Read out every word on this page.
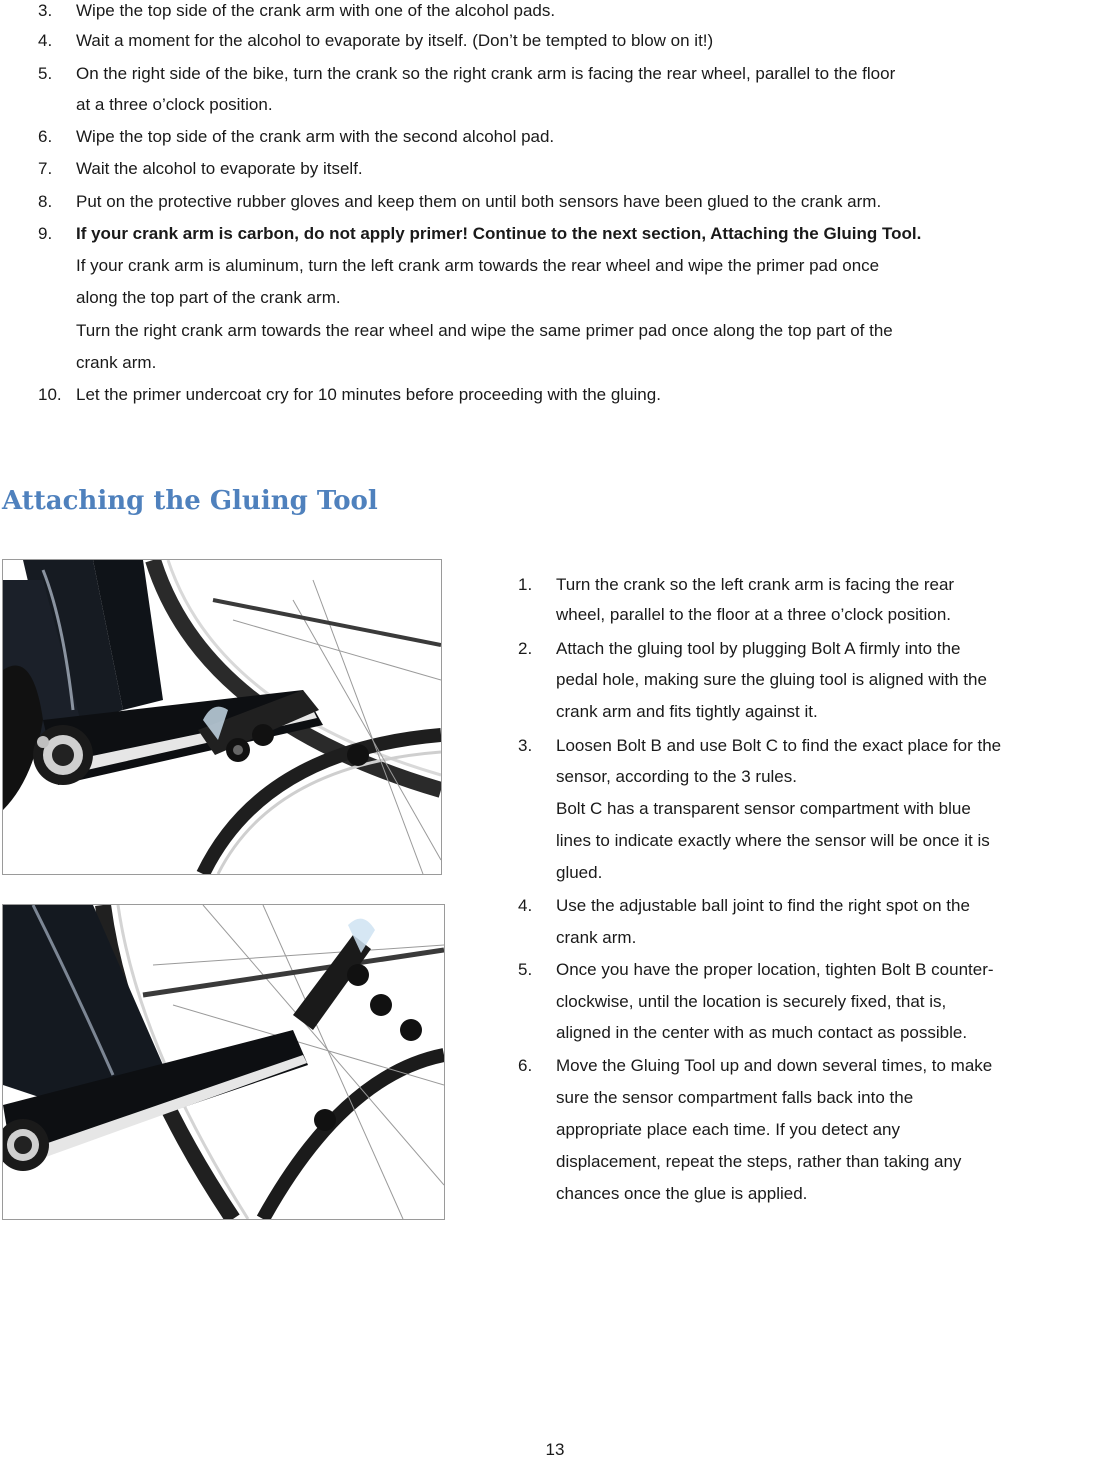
3.	Wipe the top side of the crank arm with one of the alcohol pads.
4.	Wait a moment for the alcohol to evaporate by itself. (Don’t be tempted to blow on it!)
5.	On the right side of the bike, turn the crank so the right crank arm is facing the rear wheel, parallel to the floor
at a three o’clock position.
6.	Wipe the top side of the crank arm with the second alcohol pad.
7.	Wait the alcohol to evaporate by itself.
8.	Put on the protective rubber gloves and keep them on until both sensors have been glued to the crank arm.
9.	If your crank arm is carbon, do not apply primer! Continue to the next section, Attaching the Gluing Tool.
If your crank arm is aluminum, turn the left crank arm towards the rear wheel and wipe the primer pad once
along the top part of the crank arm.
Turn the right crank arm towards the rear wheel and wipe the same primer pad once along the top part of the
crank arm.
10. Let the primer undercoat cry for 10 minutes before proceeding with the gluing.
Attaching the Gluing Tool
C
B
B
1.	Turn the crank so the left crank arm is facing the rear
wheel, parallel to the floor at a three o’clock position.
2.	Attach the gluing tool by plugging Bolt A firmly into the
pedal hole, making sure the gluing tool is aligned with the
crank arm and fits tightly against it.
3.	Loosen Bolt B and use Bolt C to find the exact place for the
sensor, according to the 3 rules.
Bolt C has a transparent sensor compartment with blue
lines to indicate exactly where the sensor will be once it is
glued.
4.	Use the adjustable ball joint to find the right spot on the
crank arm.
5.	Once you have the proper location, tighten Bolt B counter-
clockwise, until the location is securely fixed, that is,
aligned in the center with as much contact as possible.
6.	Move the Gluing Tool up and down several times, to make
sure the sensor compartment falls back into the
appropriate place each time. If you detect any
displacement, repeat the steps, rather than taking any
chances once the glue is applied.
13
